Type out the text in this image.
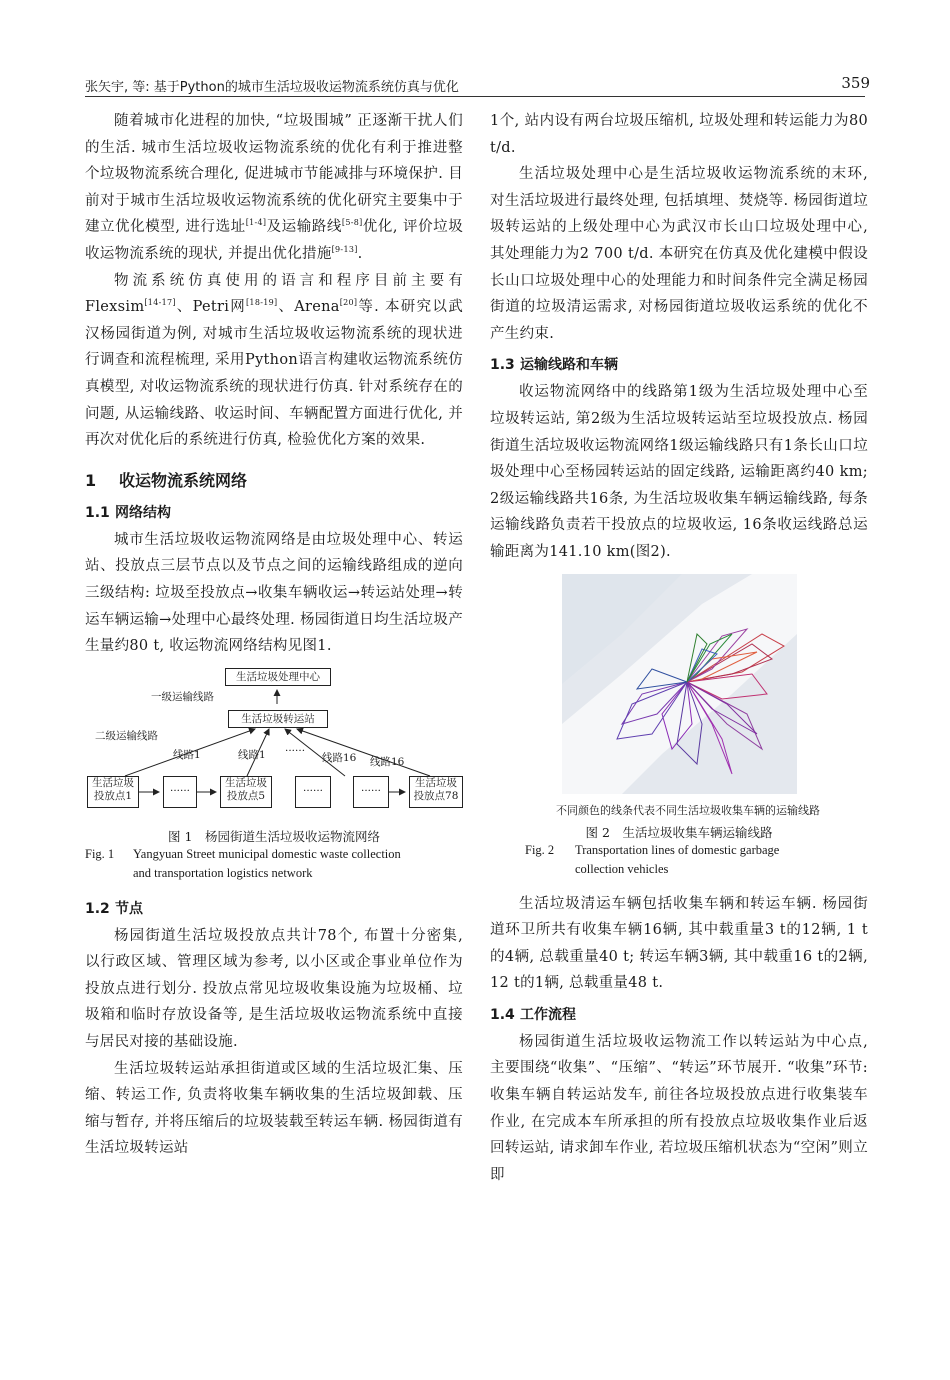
张矢宇, 等: 基于Python的城市生活垃圾收运物流系统仿真与优化	359

随着城市化进程的加快, “垃圾围城” 正逐渐干扰人们的生活. 城市生活垃圾收运物流系统的优化有利于推进整个垃圾物流系统合理化, 促进城市节能减排与环境保护. 目前对于城市生活垃圾收运物流系统的优化研究主要集中于建立优化模型, 进行选址[1-4]及运输路线[5-8]优化, 评价垃圾收运物流系统的现状, 并提出优化措施[9-13].

物流系统仿真使用的语言和程序目前主要有Flexsim[14-17]、Petri网[18-19]、Arena[20]等. 本研究以武汉杨园街道为例, 对城市生活垃圾收运物流系统的现状进行调查和流程梳理, 采用Python语言构建收运物流系统仿真模型, 对收运物流系统的现状进行仿真. 针对系统存在的问题, 从运输线路、收运时间、车辆配置方面进行优化, 并再次对优化后的系统进行仿真, 检验优化方案的效果.

1 收运物流系统网络
1.1 网络结构

城市生活垃圾收运物流网络是由垃圾处理中心、转运站、投放点三层节点以及节点之间的运输线路组成的逆向三级结构: 垃圾至投放点→收集车辆收运→转运站处理→转运车辆运输→处理中心最终处理. 杨园街道日均生活垃圾产生量约80 t, 收运物流网络结构见图1.

生活垃圾处理中心
一级运输线路
生活垃圾转运站
二级运输线路
线路1	线路1 ······
线路16 线路16
生活垃圾
投放点1	······
生活垃圾
投放点5	······	······
生活垃圾
投放点78
图 1　杨园街道生活垃圾收运物流网络
Fig. 1 Yangyuan Street municipal domestic waste collection
and transportation logistics network
1.2 节点

杨园街道生活垃圾投放点共计78个, 布置十分密集, 以行政区域、管理区域为参考, 以小区或企事业单位作为投放点进行划分. 投放点常见垃圾收集设施为垃圾桶、垃圾箱和临时存放设备等, 是生活垃圾收运物流系统中直接与居民对接的基础设施.

生活垃圾转运站承担街道或区域的生活垃圾汇集、压缩、转运工作, 负责将收集车辆收集的生活垃圾卸载、压缩与暂存, 并将压缩后的垃圾装载至转运车辆. 杨园街道有生活垃圾转运站

1个, 站内设有两台垃圾压缩机, 垃圾处理和转运能力为80 t/d.

生活垃圾处理中心是生活垃圾收运物流系统的末环, 对生活垃圾进行最终处理, 包括填埋、焚烧等. 杨园街道垃圾转运站的上级处理中心为武汉市长山口垃圾处理中心, 其处理能力为2 700 t/d. 本研究在仿真及优化建模中假设长山口垃圾处理中心的处理能力和时间条件完全满足杨园街道的垃圾清运需求, 对杨园街道垃圾收运系统的优化不产生约束.

1.3 运输线路和车辆

收运物流网络中的线路第1级为生活垃圾处理中心至垃圾转运站, 第2级为生活垃圾转运站至垃圾投放点. 杨园街道生活垃圾收运物流网络1级运输线路只有1条长山口垃圾处理中心至杨园转运站的固定线路, 运输距离约40 km; 2级运输线路共16条, 为生活垃圾收集车辆运输线路, 每条运输线路负责若干投放点的垃圾收运, 16条收运线路总运输距离为141.10 km(图2).

不同颜色的线条代表不同生活垃圾收集车辆的运输线路
图 2　生活垃圾收集车辆运输线路
Fig. 2 Transportation lines of domestic garbage
collection vehicles

生活垃圾清运车辆包括收集车辆和转运车辆. 杨园街道环卫所共有收集车辆16辆, 其中载重量3 t的12辆, 1 t的4辆, 总载重量40 t; 转运车辆3辆, 其中载重16 t的2辆, 12 t的1辆, 总载重量48 t.

1.4 工作流程

杨园街道生活垃圾收运物流工作以转运站为中心点, 主要围绕“收集”、“压缩”、“转运”环节展开. “收集”环节: 收集车辆自转运站发车, 前往各垃圾投放点进行收集装车作业, 在完成本车所承担的所有投放点垃圾收集作业后返回转运站, 请求卸车作业, 若垃圾压缩机状态为“空闲”则立即
